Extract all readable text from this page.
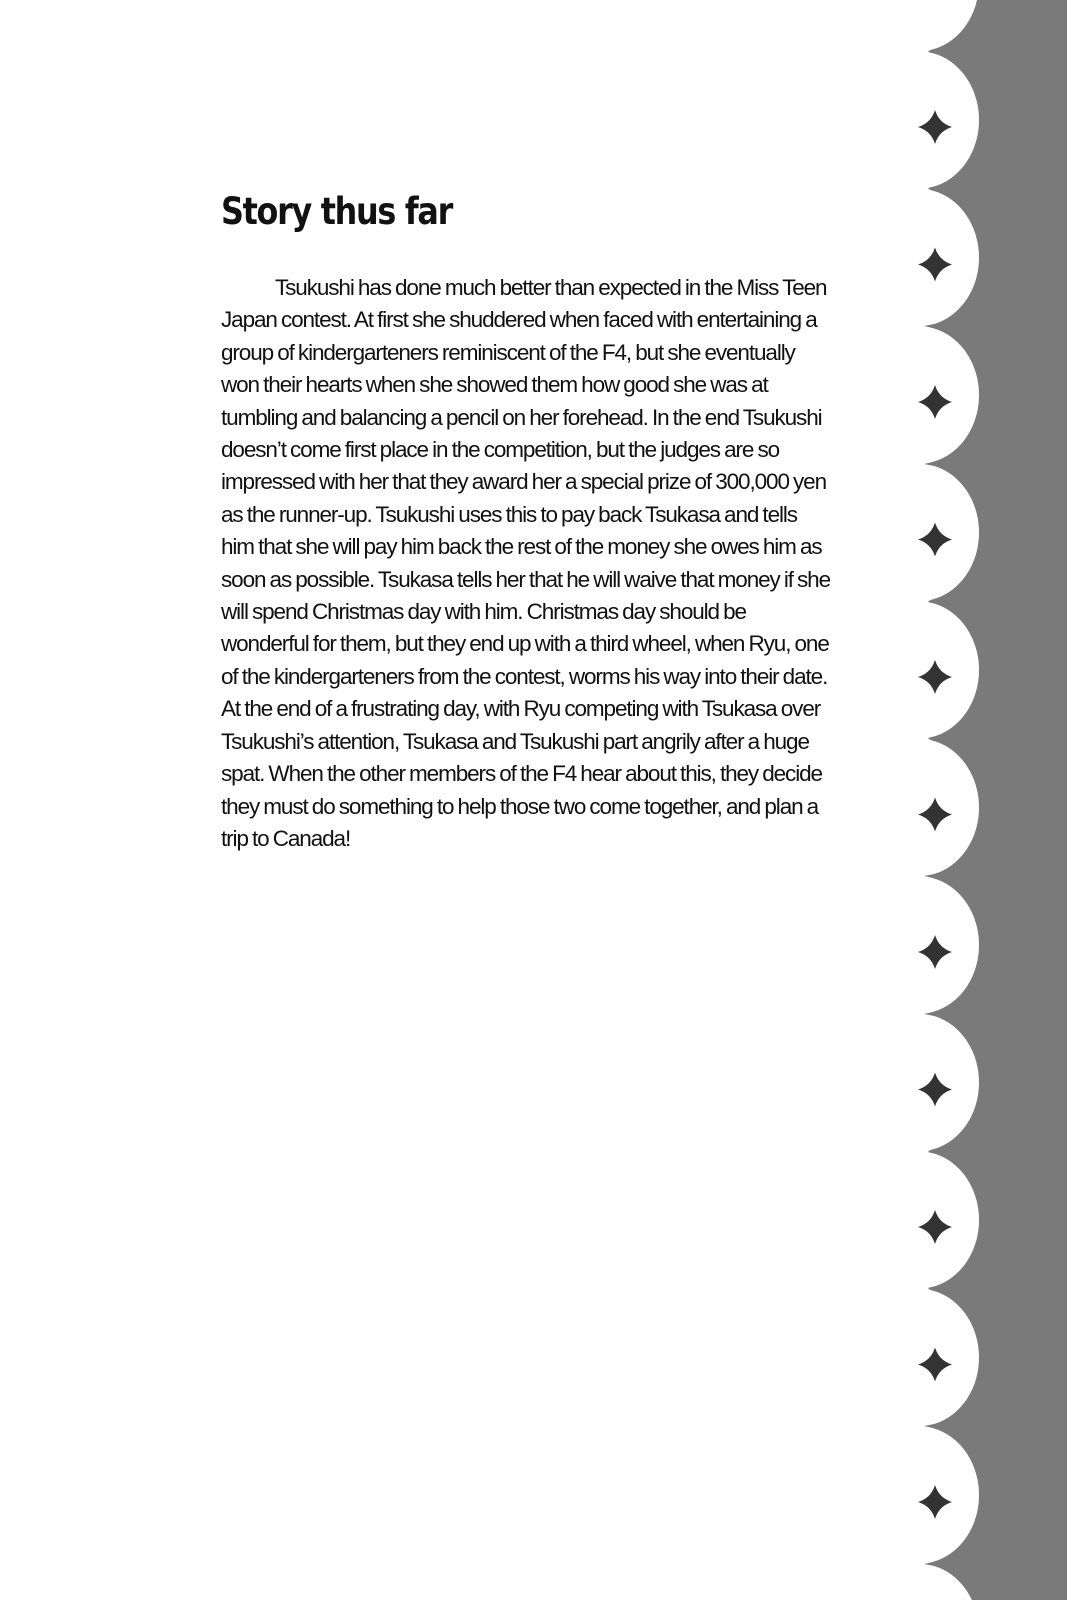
Story thus far

Tsukushi has done much better than expected in the Miss Teen Japan contest. At first she shuddered when faced with entertaining a group of kindergarteners reminiscent of the F4, but she eventually won their hearts when she showed them how good she was at tumbling and balancing a pencil on her forehead. In the end Tsukushi doesn’t come first place in the competition, but the judges are so impressed with her that they award her a special prize of 300,000 yen as the runner-up. Tsukushi uses this to pay back Tsukasa and tells him that she will pay him back the rest of the money she owes him as soon as possible. Tsukasa tells her that he will waive that money if she will spend Christmas day with him. Christmas day should be wonderful for them, but they end up with a third wheel, when Ryu, one of the kindergarteners from the contest, worms his way into their date. At the end of a frustrating day, with Ryu competing with Tsukasa over Tsukushi’s attention, Tsukasa and Tsukushi part angrily after a huge spat. When the other members of the F4 hear about this, they decide they must do something to help those two come together, and plan a trip to Canada!
